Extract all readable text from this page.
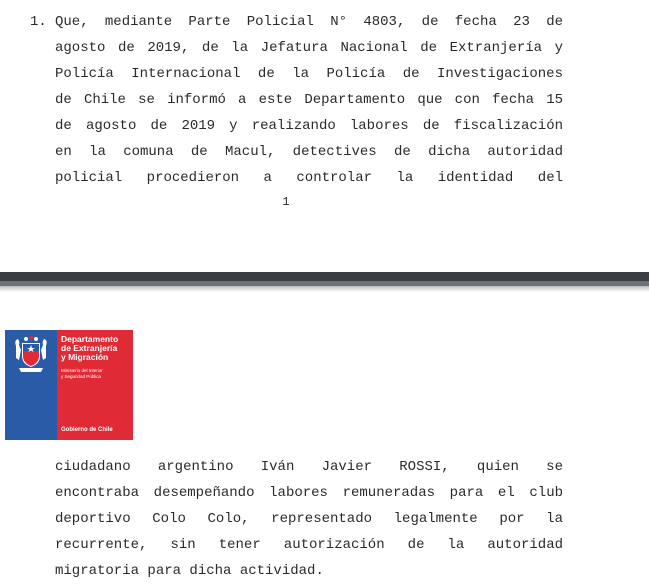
1. Que, mediante Parte Policial N° 4803, de fecha 23 de
agosto de 2019, de la Jefatura Nacional de Extranjería y
Policía Internacional de la Policía de Investigaciones
de Chile se informó a este Departamento que con fecha 15
de agosto de 2019 y realizando labores de fiscalización
en la comuna de Macul, detectives de dicha autoridad
policial procedieron a controlar la identidad del
1
Departamento
de Extranjería
y Migración
Ministerio del Interior
y Seguridad Pública
Gobierno de Chile
ciudadano argentino Iván Javier ROSSI, quien se
encontraba desempeñando labores remuneradas para el club
deportivo Colo Colo, representado legalmente por la
recurrente, sin tener autorización de la autoridad
migratoria para dicha actividad.
